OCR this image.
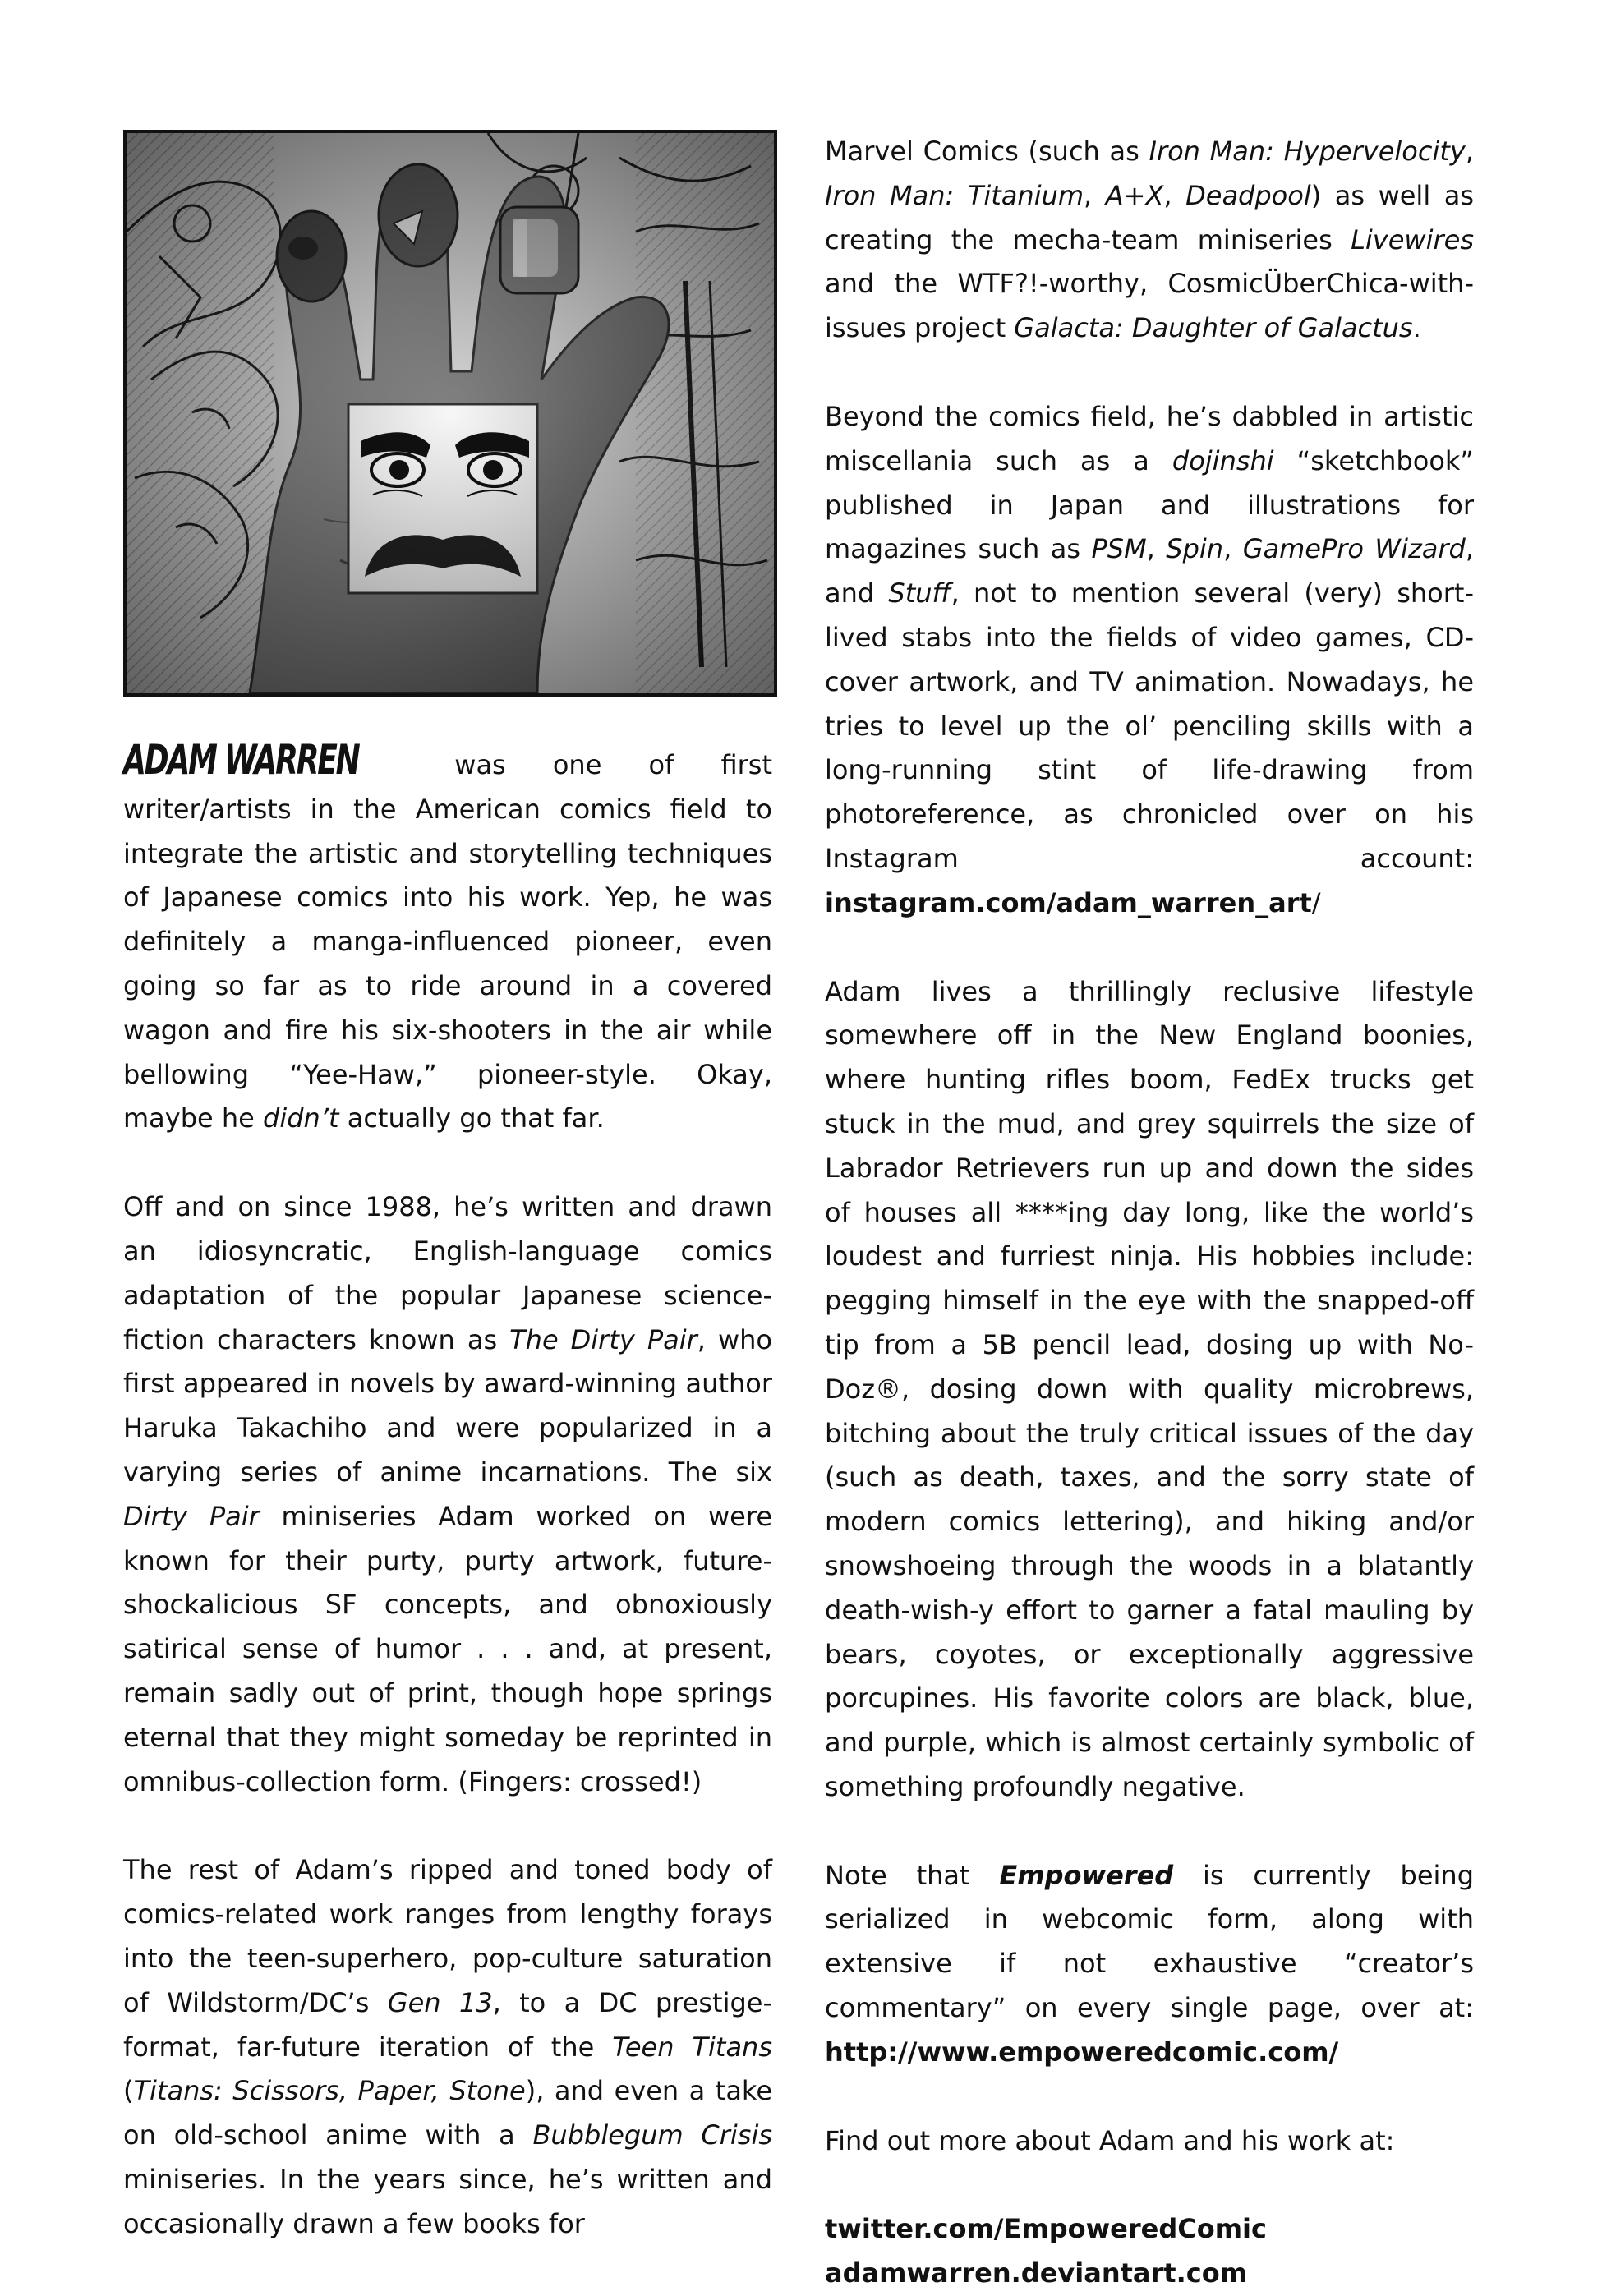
ADAM WARREN	was one of first writer/artists in the American comics field to integrate the artistic and storytelling techniques of Japanese comics into his work. Yep, he was definitely a manga-influenced pioneer, even going so far as to ride around in a covered wagon and fire his six-shooters in the air while bellowing “Yee-Haw,” pioneer-style. Okay, maybe he didn’t actually go that far.

Off and on since 1988, he’s written and drawn an idiosyncratic, English-language comics adaptation of the popular Japanese science-fiction characters known as The Dirty Pair, who first appeared in novels by award-winning author Haruka Takachiho and were popularized in a varying series of anime incarnations. The six Dirty Pair miniseries Adam worked on were known for their purty, purty artwork, future-shockalicious SF concepts, and obnoxiously satirical sense of humor . . . and, at present, remain sadly out of print, though hope springs eternal that they might someday be reprinted in omnibus-collection form. (Fingers: crossed!)

The rest of Adam’s ripped and toned body of comics-related work ranges from lengthy forays into the teen-superhero, pop-culture saturation of Wildstorm/DC’s Gen 13, to a DC prestige-format, far-future iteration of the Teen Titans (Titans: Scissors, Paper, Stone), and even a take on old-school anime with a Bubblegum Crisis miniseries. In the years since, he’s written and occasionally drawn a few books for

Marvel Comics (such as Iron Man: Hypervelocity, Iron Man: Titanium, A+X, Deadpool) as well as creating the mecha-team miniseries Livewires and the WTF?!-worthy, CosmicÜberChica-with-issues project Galacta: Daughter of Galactus.

Beyond the comics field, he’s dabbled in artistic miscellania such as a dojinshi “sketchbook” published in Japan and illustrations for magazines such as PSM, Spin, GamePro Wizard, and Stuff, not to mention several (very) short-lived stabs into the fields of video games, CD-cover artwork, and TV animation. Nowadays, he tries to level up the ol’ penciling skills with a long-running stint of life-drawing from photoreference, as chronicled over on his Instagram account: instagram.com/adam_warren_art/

Adam lives a thrillingly reclusive lifestyle somewhere off in the New England boonies, where hunting rifles boom, FedEx trucks get stuck in the mud, and grey squirrels the size of Labrador Retrievers run up and down the sides of houses all ****ing day long, like the world’s loudest and furriest ninja. His hobbies include: pegging himself in the eye with the snapped-off tip from a 5B pencil lead, dosing up with No-Doz®, dosing down with quality microbrews, bitching about the truly critical issues of the day (such as death, taxes, and the sorry state of modern comics lettering), and hiking and/or snowshoeing through the woods in a blatantly death-wish-y effort to garner a fatal mauling by bears, coyotes, or exceptionally aggressive porcupines. His favorite colors are black, blue, and purple, which is almost certainly symbolic of something profoundly negative.

Note that Empowered is currently being serialized in webcomic form, along with extensive if not exhaustive “creator’s commentary” on every single page, over at: http://www.empoweredcomic.com/

Find out more about Adam and his work at:

twitter.com/EmpoweredComic

adamwarren.deviantart.com
